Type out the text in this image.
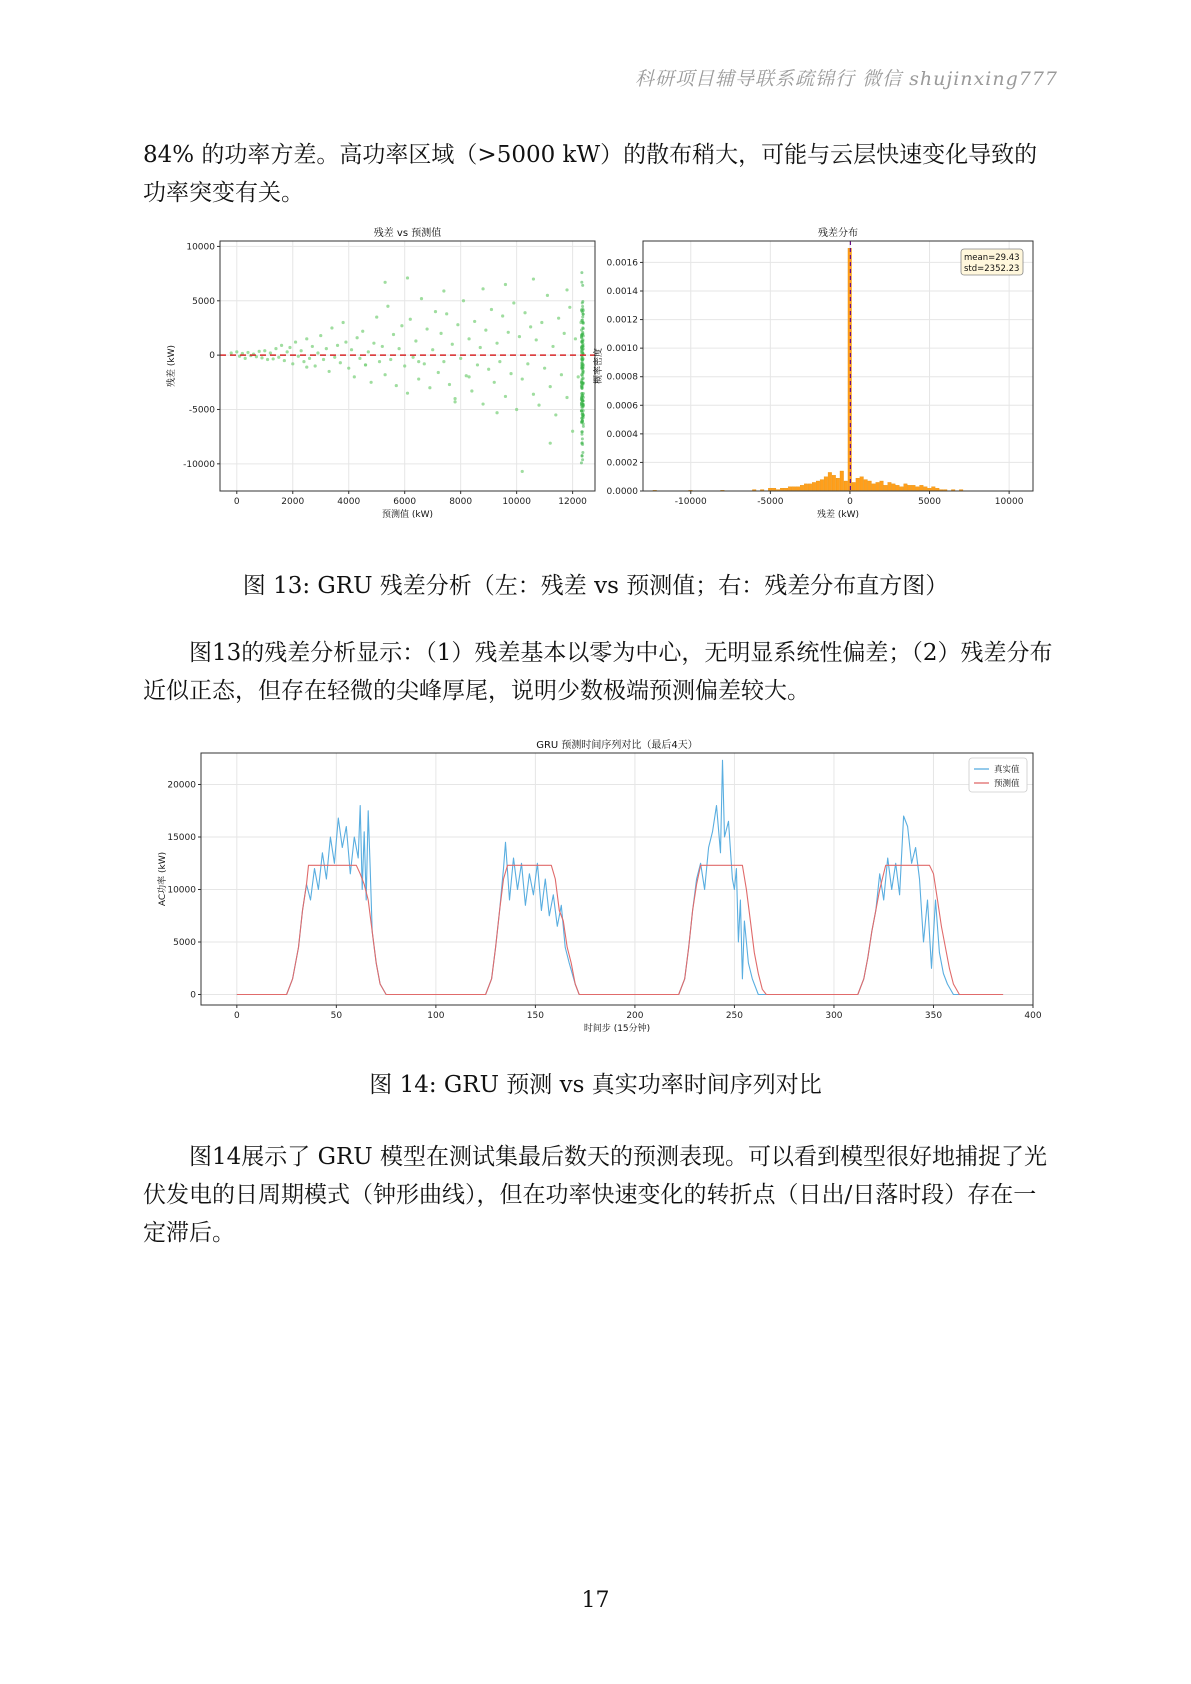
科研项目辅导联系疏锦行 微信 shujinxing777

84% 的功率方差。高功率区域（>5000 kW）的散布稍大，可能与云层快速变化导致的功率突变有关。

0	2000	4000	6000	8000	10000	12000
-10000
-5000
0
5000
10000
残差 vs 预测值
预测值 (kW)
残差 (kW)
mean=29.43
std=2352.23
-10000	-5000	0	5000	10000
0.0000
0.0002
0.0004
0.0006
0.0008
0.0010
0.0012
0.0014
0.0016
残差分布
残差 (kW)
概率密度
图 13: GRU 残差分析（左：残差 vs 预测值；右：残差分布直方图）

图13的残差分析显示：（1）残差基本以零为中心，无明显系统性偏差；（2）残差分布近似正态，但存在轻微的尖峰厚尾，说明少数极端预测偏差较大。

真实值
预测值
0	50	100	150	200	250	300	350	400
0
5000
10000
15000
20000
GRU 预测时间序列对比（最后4天）
时间步 (15分钟)
AC功率 (kW)
图 14: GRU 预测 vs 真实功率时间序列对比

图14展示了 GRU 模型在测试集最后数天的预测表现。可以看到模型很好地捕捉了光伏发电的日周期模式（钟形曲线），但在功率快速变化的转折点（日出/日落时段）存在一定滞后。

17
